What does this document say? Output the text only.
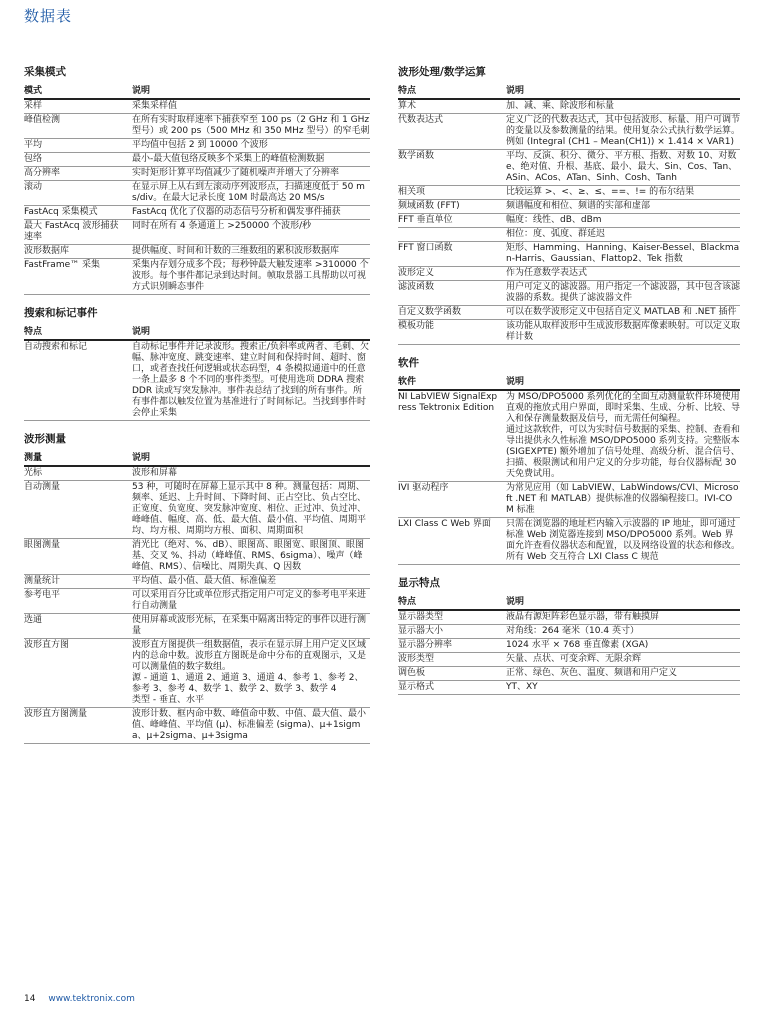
数据表
采集模式
模式	说明
采样	采集采样值
峰值检测	在所有实时取样速率下捕获窄至 100 ps（2 GHz 和 1 GHz 型号）或 200 ps（500 MHz 和 350 MHz 型号）的窄毛刺
平均	平均值中包括 2 到 10000 个波形
包络	最小-最大值包络反映多个采集上的峰值检测数据
高分辨率	实时矩形计算平均值减少了随机噪声并增大了分辨率
滚动	在显示屏上从右到左滚动序列波形点，扫描速度低于 50 ms/div。在最大记录长度 10M 时最高达 20 MS/s
FastAcq 采集模式	FastAcq 优化了仪器的动态信号分析和偶发事件捕获
最大 FastAcq 波形捕获速率	同时在所有 4 条通道上 >250000 个波形/秒
波形数据库	提供幅度、时间和计数的三维数组的累积波形数据库
FastFrame™ 采集	采集内存划分成多个段；每秒钟最大触发速率 >310000 个波形。每个事件都记录到达时间。帧取景器工具帮助以可视方式识别瞬态事件
搜索和标记事件
特点	说明
自动搜索和标记	自动标记事件并记录波形。搜索正/负斜率或两者、毛刺、欠幅、脉冲宽度、跳变速率、建立时间和保持时间、超时、窗口，或者查找任何逻辑或状态码型，4 条模拟通道中的任意一条上最多 8 个不同的事件类型。可使用选项 DDRA 搜索 DDR 读或写突发脉冲。事件表总结了找到的所有事件。所有事件都以触发位置为基准进行了时间标记。当找到事件时会停止采集
波形测量
测量	说明
光标	波形和屏幕
自动测量	53 种，可随时在屏幕上显示其中 8 种。测量包括：周期、频率、延迟、上升时间、下降时间、正占空比、负占空比、正宽度、负宽度、突发脉冲宽度、相位、正过冲、负过冲、峰峰值、幅度、高、低、最大值、最小值、平均值、周期平均、均方根、周期均方根、面积、周期面积
眼图测量	消光比（绝对、%、dB）、眼图高、眼图宽、眼图顶、眼图基、交叉 %、抖动（峰峰值、RMS、6sigma）、噪声（峰峰值、RMS）、信噪比、周期失真、Q 因数
测量统计	平均值、最小值、最大值、标准偏差
参考电平	可以采用百分比或单位形式指定用户可定义的参考电平来进行自动测量
选通	使用屏幕或波形光标，在采集中隔离出特定的事件以进行测量
波形直方图	波形直方图提供一组数据值，表示在显示屏上用户定义区域内的总命中数。波形直方图既是命中分布的直观图示，又是可以测量值的数字数组。
源 - 通道 1、通道 2、通道 3、通道 4、参考 1、参考 2、参考 3、参考 4、数学 1、数学 2、数学 3、数学 4
类型 - 垂直、水平
波形直方图测量	波形计数、框内命中数、峰值命中数、中值、最大值、最小值、峰峰值、平均值 (μ)、标准偏差 (sigma)、μ+1sigma、μ+2sigma、μ+3sigma
波形处理/数学运算
特点	说明
算术	加、减、乘、除波形和标量
代数表达式	定义广泛的代数表达式，其中包括波形、标量、用户可调节的变量以及参数测量的结果。使用复杂公式执行数学运算。
例如 (Integral (CH1 – Mean(CH1)) × 1.414 × VAR1)
数学函数	平均、反演、积分、微分、平方根、指数、对数 10、对数 e、绝对值、升根、基底、最小、最大、Sin、Cos、Tan、ASin、ACos、ATan、Sinh、Cosh、Tanh
相关项	比较运算 >、<、≥、≤、==、!= 的布尔结果
频域函数 (FFT)	频谱幅度和相位、频谱的实部和虚部
FFT 垂直单位	幅度：线性、dB、dBm
	相位：度、弧度、群延迟
FFT 窗口函数	矩形、Hamming、Hanning、Kaiser-Bessel、Blackman-Harris、Gaussian、Flattop2、Tek 指数
波形定义	作为任意数学表达式
滤波函数	用户可定义的滤波器。用户指定一个滤波器，其中包含该滤波器的系数。提供了滤波器文件
自定义数学函数	可以在数学波形定义中包括自定义 MATLAB 和 .NET 插件
模板功能	该功能从取样波形中生成波形数据库像素映射。可以定义取样计数
软件
软件	说明
NI LabVIEW SignalExpress Tektronix Edition	为 MSO/DPO5000 系列优化的全面互动测量软件环境使用直观的拖放式用户界面，即时采集、生成、分析、比较、导入和保存测量数据及信号，而无需任何编程。
通过这款软件，可以为实时信号数据的采集、控制、查看和导出提供永久性标准 MSO/DPO5000 系列支持。完整版本 (SIGEXPTE) 额外增加了信号处理、高级分析、混合信号、扫描、极限测试和用户定义的分步功能，每台仪器标配 30 天免费试用。
IVI 驱动程序	为常见应用（如 LabVIEW、LabWindows/CVI、Microsoft .NET 和 MATLAB）提供标准的仪器编程接口。IVI-COM 标准
LXI Class C Web 界面	只需在浏览器的地址栏内输入示波器的 IP 地址，即可通过标准 Web 浏览器连接到 MSO/DPO5000 系列。Web 界面允许查看仪器状态和配置，以及网络设置的状态和修改。所有 Web 交互符合 LXI Class C 规范
显示特点
特点	说明
显示器类型	液晶有源矩阵彩色显示器，带有触摸屏
显示器大小	对角线：264 毫米（10.4 英寸）
显示器分辨率	1024 水平 × 768 垂直像素 (XGA)
波形类型	矢量、点状、可变余辉、无限余辉
调色板	正常、绿色、灰色、温度、频谱和用户定义
显示格式	YT、XY
14 www.tektronix.com
